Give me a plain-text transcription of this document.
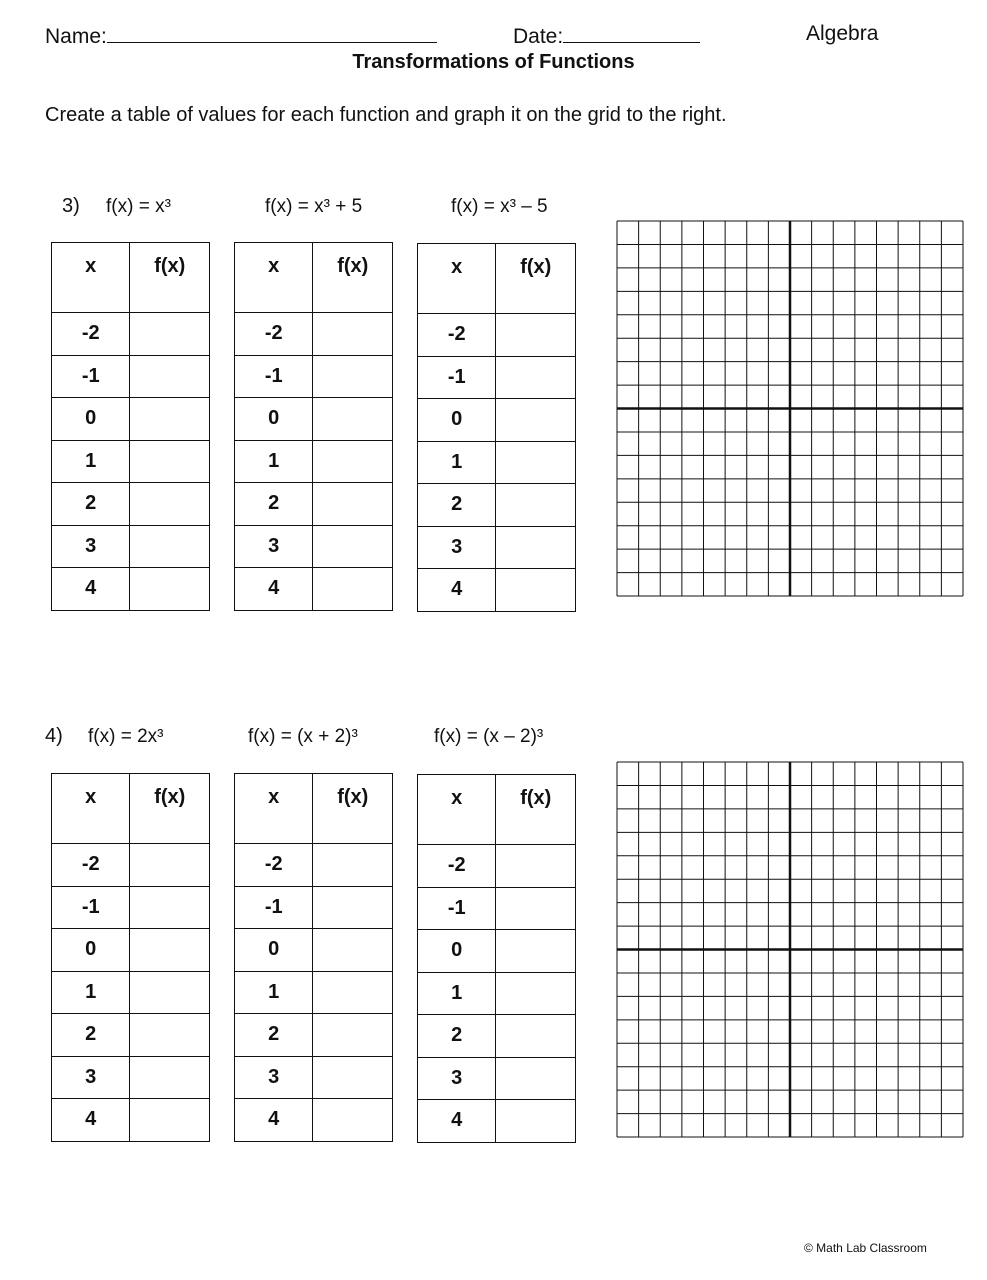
Name:	Date:	Algebra
Transformations of Functions
Create a table of values for each function and graph it on the grid to the right.
3) f(x) = x³	f(x) = x³ + 5	f(x) = x³ – 5
4) f(x) = 2x³	f(x) = (x + 2)³	f(x) = (x – 2)³
x	f(x)
-2	
-1	
0	
1	
2	
3	
4	
x	f(x)
-2	
-1	
0	
1	
2	
3	
4	
x	f(x)
-2	
-1	
0	
1	
2	
3	
4	
x	f(x)
-2	
-1	
0	
1	
2	
3	
4	
x	f(x)
-2	
-1	
0	
1	
2	
3	
4	
x	f(x)
-2	
-1	
0	
1	
2	
3	
4	
© Math Lab Classroom
